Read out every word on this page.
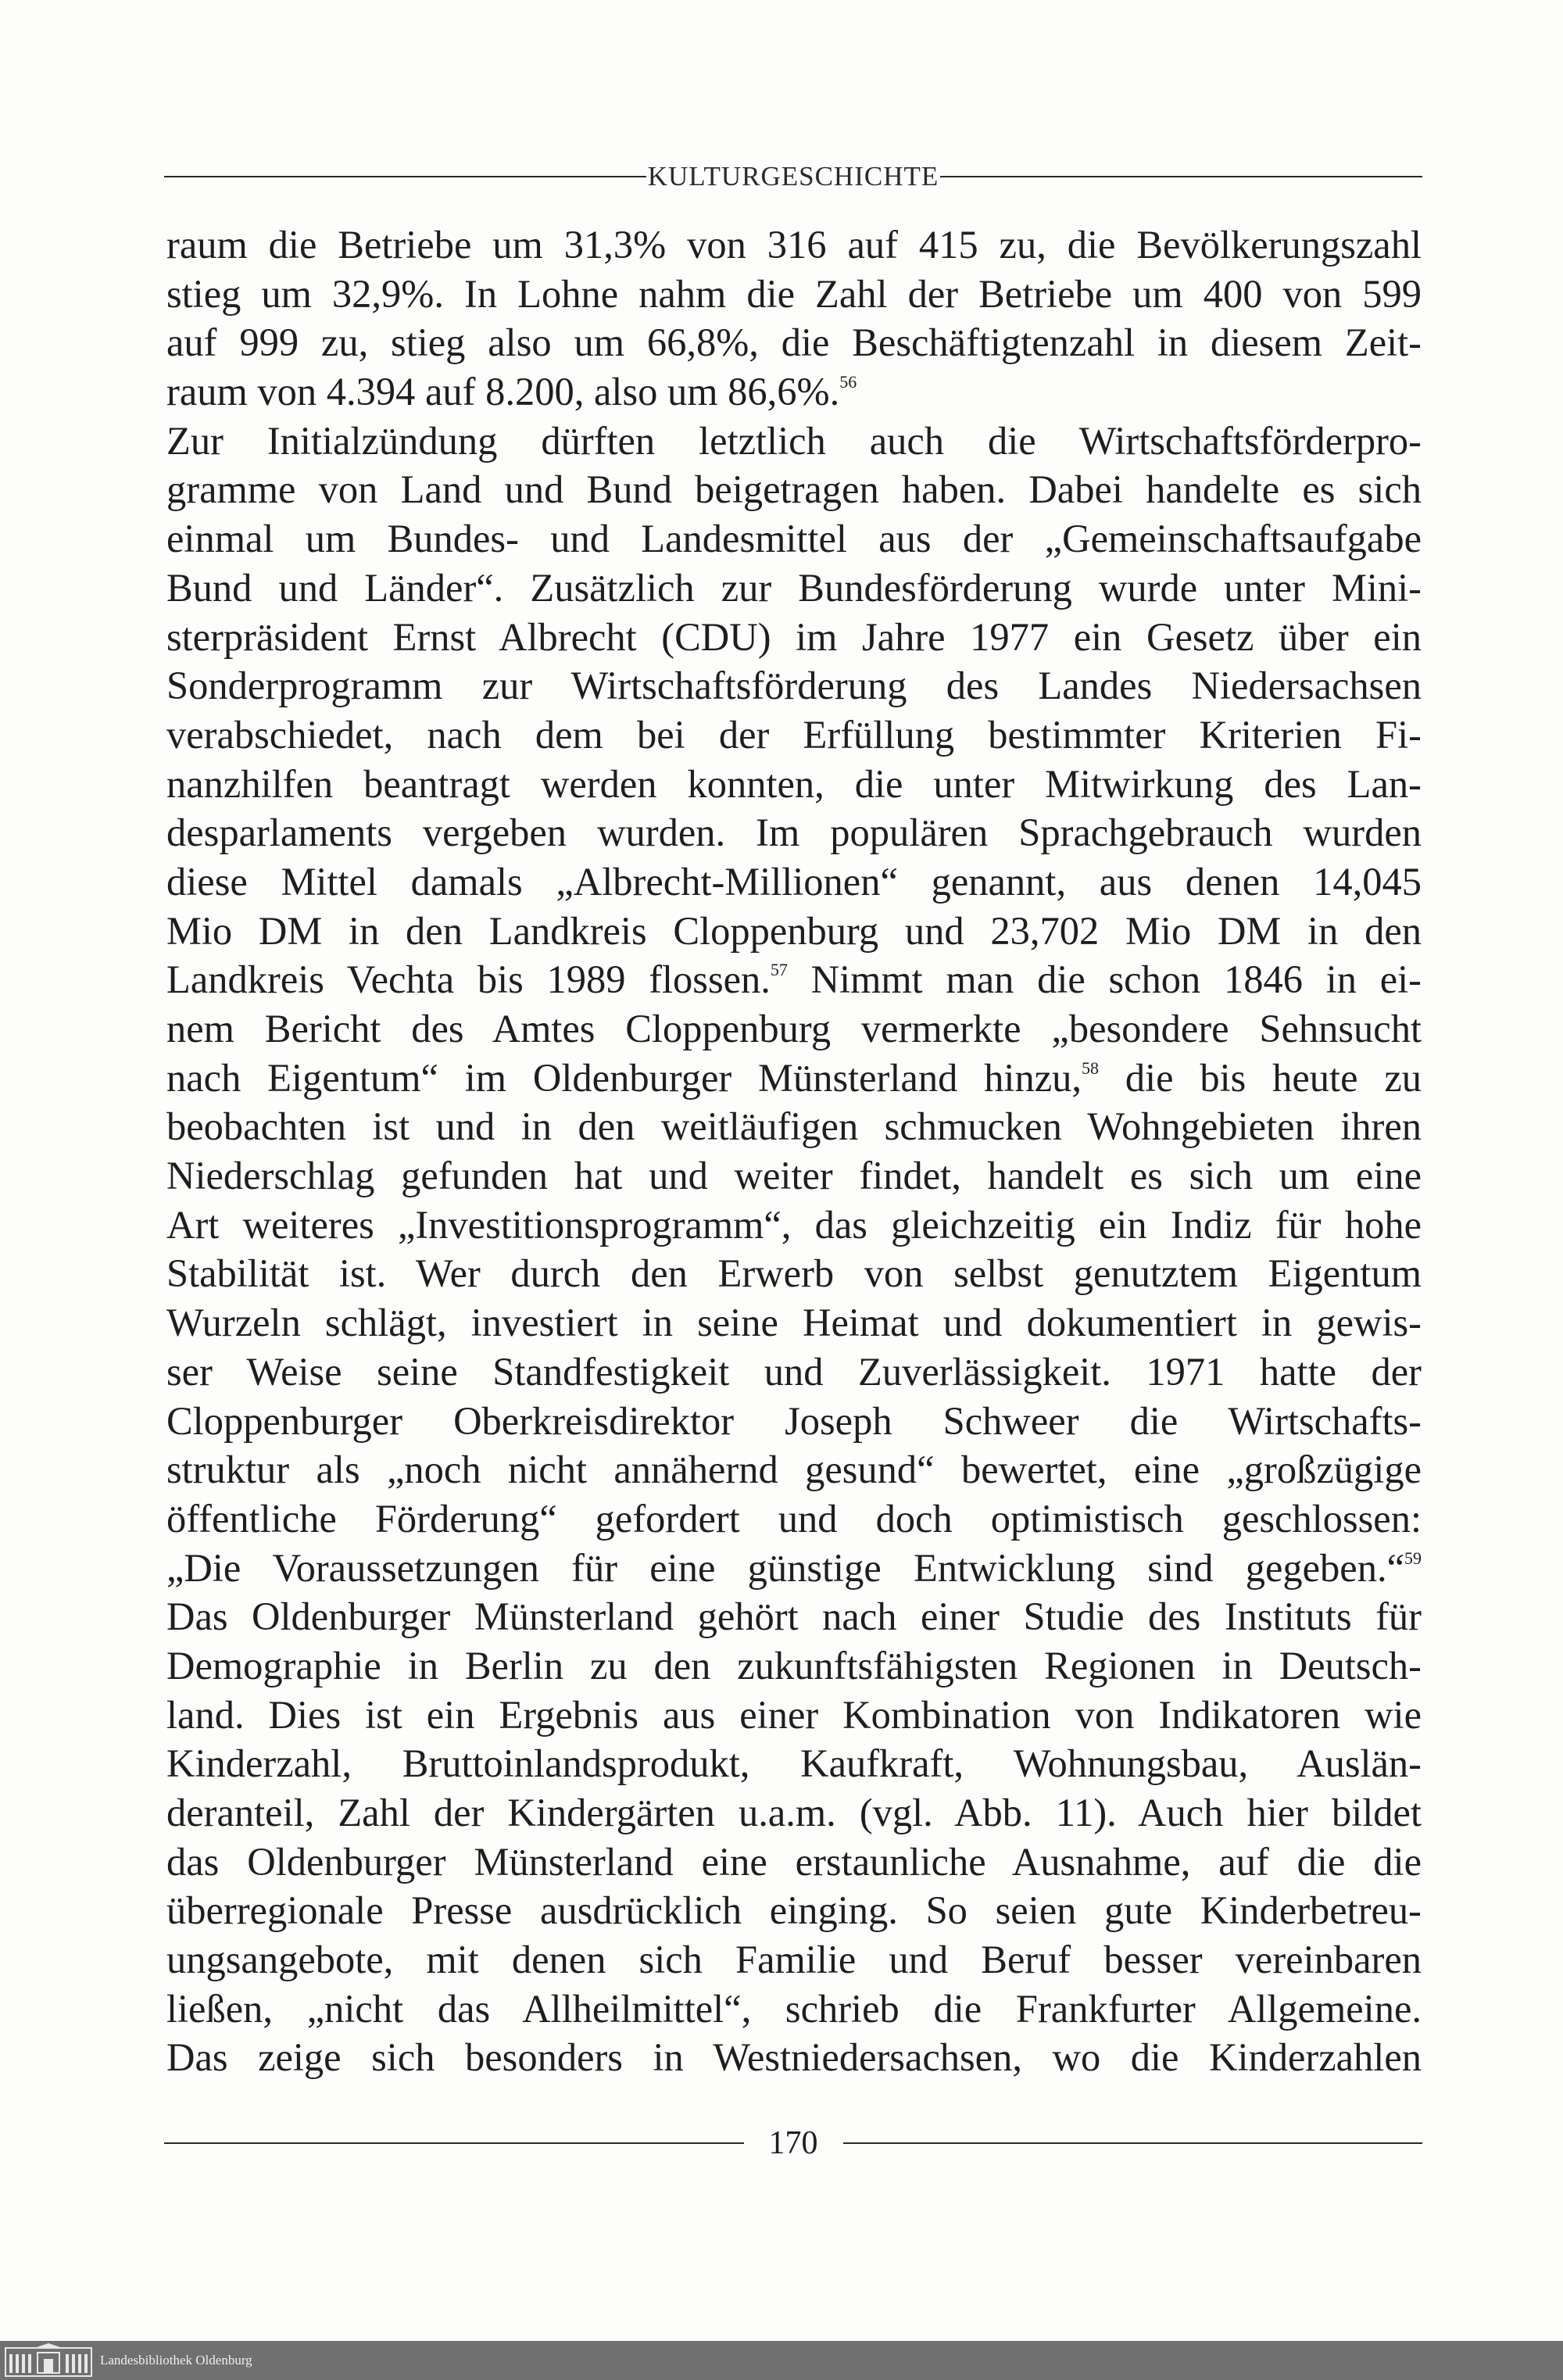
KULTURGESCHICHTE
raum die Betriebe um 31,3% von 316 auf 415 zu, die Bevölkerungszahl
stieg um 32,9%. In Lohne nahm die Zahl der Betriebe um 400 von 599
auf 999 zu, stieg also um 66,8%, die Beschäftigtenzahl in diesem Zeit-
raum von 4.394 auf 8.200, also um 86,6%.$^{56}$
Zur Initialzündung dürften letztlich auch die Wirtschaftsförderpro-
gramme von Land und Bund beigetragen haben. Dabei handelte es sich
einmal um Bundes- und Landesmittel aus der „Gemeinschaftsaufgabe
Bund und Länder“. Zusätzlich zur Bundesförderung wurde unter Mini-
sterpräsident Ernst Albrecht (CDU) im Jahre 1977 ein Gesetz über ein
Sonderprogramm zur Wirtschaftsförderung des Landes Niedersachsen
verabschiedet, nach dem bei der Erfüllung bestimmter Kriterien Fi-
nanzhilfen beantragt werden konnten, die unter Mitwirkung des Lan-
desparlaments vergeben wurden. Im populären Sprachgebrauch wurden
diese Mittel damals „Albrecht-Millionen“ genannt, aus denen 14,045
Mio DM in den Landkreis Cloppenburg und 23,702 Mio DM in den
Landkreis Vechta bis 1989 flossen.$^{57}$ Nimmt man die schon 1846 in ei-
nem Bericht des Amtes Cloppenburg vermerkte „besondere Sehnsucht
nach Eigentum“ im Oldenburger Münsterland hinzu,$^{58}$ die bis heute zu
beobachten ist und in den weitläufigen schmucken Wohngebieten ihren
Niederschlag gefunden hat und weiter findet, handelt es sich um eine
Art weiteres „Investitionsprogramm“, das gleichzeitig ein Indiz für hohe
Stabilität ist. Wer durch den Erwerb von selbst genutztem Eigentum
Wurzeln schlägt, investiert in seine Heimat und dokumentiert in gewis-
ser Weise seine Standfestigkeit und Zuverlässigkeit. 1971 hatte der
Cloppenburger Oberkreisdirektor Joseph Schweer die Wirtschafts-
struktur als „noch nicht annähernd gesund“ bewertet, eine „großzügige
öffentliche Förderung“ gefordert und doch optimistisch geschlossen:
„Die Voraussetzungen für eine günstige Entwicklung sind gegeben.“$^{59}$
Das Oldenburger Münsterland gehört nach einer Studie des Instituts für
Demographie in Berlin zu den zukunftsfähigsten Regionen in Deutsch-
land. Dies ist ein Ergebnis aus einer Kombination von Indikatoren wie
Kinderzahl, Bruttoinlandsprodukt, Kaufkraft, Wohnungsbau, Auslän-
deranteil, Zahl der Kindergärten u.a.m. (vgl. Abb. 11). Auch hier bildet
das Oldenburger Münsterland eine erstaunliche Ausnahme, auf die die
überregionale Presse ausdrücklich einging. So seien gute Kinderbetreu-
ungsangebote, mit denen sich Familie und Beruf besser vereinbaren
ließen, „nicht das Allheilmittel“, schrieb die Frankfurter Allgemeine.
Das zeige sich besonders in Westniedersachsen, wo die Kinderzahlen
170
Landesbibliothek Oldenburg
